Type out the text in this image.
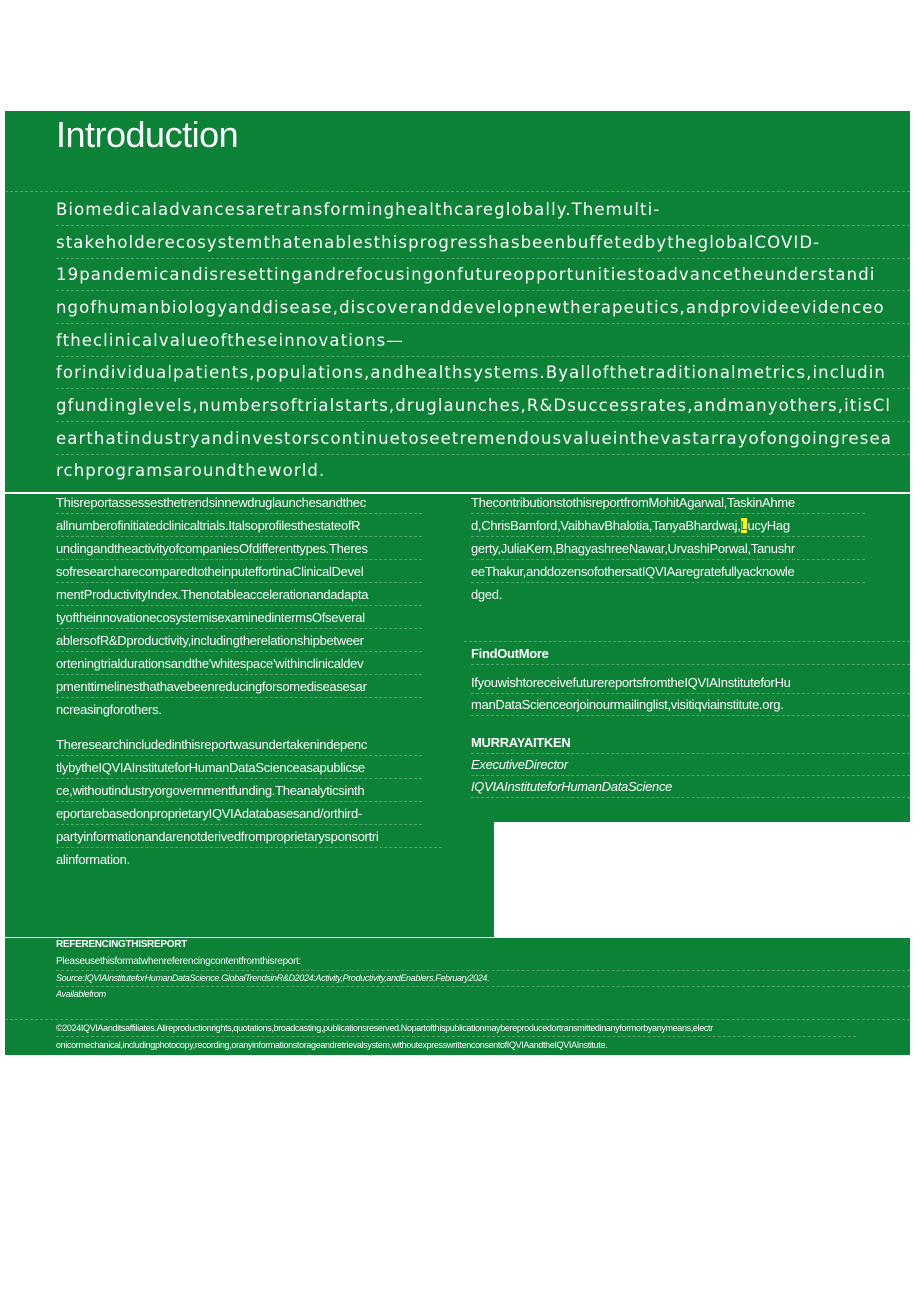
Introduction
Biomedicaladvancesaretransforminghealthcareglobally.Themulti-
stakeholderecosystemthatenablesthisprogresshasbeenbuffetedbytheglobalCOVID-
19pandemicandisresettingandrefocusingonfutureopportunitiestoadvancetheunderstandi
ngofhumanbiologyanddisease,discoveranddevelopnewtherapeutics,andprovideevidenceo
ftheclinicalvalueoftheseinnovations—
forindividualpatients,populations,andhealthsystems.Byallofthetraditionalmetrics,includin
gfundinglevels,numbersoftrialstarts,druglaunches,R&Dsuccessrates,andmanyothers,itisCl
earthatindustryandinvestorscontinuetoseetremendousvalueinthevastarrayofongoingresea
rchprogramsaroundtheworld.
Thisreportassessesthetrendsinnewdruglaunchesandthec
allnumberofinitiatedclinicaltrials.ItalsoprofilesthestateofR
undingandtheactivityofcompaniesOfdifferenttypes.Theres
sofresearcharecomparedtotheinputeffortinaClinicalDevel
mentProductivityIndex.Thenotableaccelerationandadapta
tyoftheinnovationecosystemisexaminedintermsOfseveral
ablersofR&Dproductivity,includingtherelationshipbetweer
orteningtrialdurationsandthe'whitespace'withinclinicaldev
pmenttimelinesthathavebeenreducingforsomediseasesar
ncreasingforothers.
Theresearchincludedinthisreportwasundertakenindepenc
tlybytheIQVIAInstituteforHumanDataScienceasapublicse
ce,withoutindustryorgovernmentfunding.Theanalyticsinth
eportarebasedonproprietaryIQVIAdatabasesand/orthird-
partyinformationandarenotderivedfromproprietarysponsortri
alinformation.
ThecontributionstothisreportfromMohitAgarwal,TaskinAhme
d,ChrisBamford,VaibhavBhalotia,TanyaBhardwaj,LucyHag
gerty,JuliaKern,BhagyashreeNawar,UrvashiPorwal,Tanushr
eeThakur,anddozensofothersatIQVIAaregratefullyacknowle
dged.
FindOutMore
IfyouwishtoreceivefuturereportsfromtheIQVIAInstituteforHu
manDataScienceorjoinourmailinglist,visitiqviainstitute.org.
MURRAYAITKEN
ExecutiveDirector
IQVIAInstituteforHumanDataScience
REFERENCINGTHISREPORT
Pleaseusethisformatwhenreferencingcontentfromthisreport:
Source:IQVIAInstituteforHumanDataScience.GlobalTrendsinR&D2024:Activity,Productivity,andEnablers.February2024.
Availablefrom
©2024IQVIAanditsaffiliates.Allreproductionrights,quotations,broadcasting,publicationsreserved.Nopartofthispublicationmaybereproducedortransmittedinanyformorbyanymeans,electr
onicormechanical,includingphotocopy,recording,oranyinformationstorageandretrievalsystem,withoutexpresswrittenconsentofIQVIAandtheIQVIAInstitute.
